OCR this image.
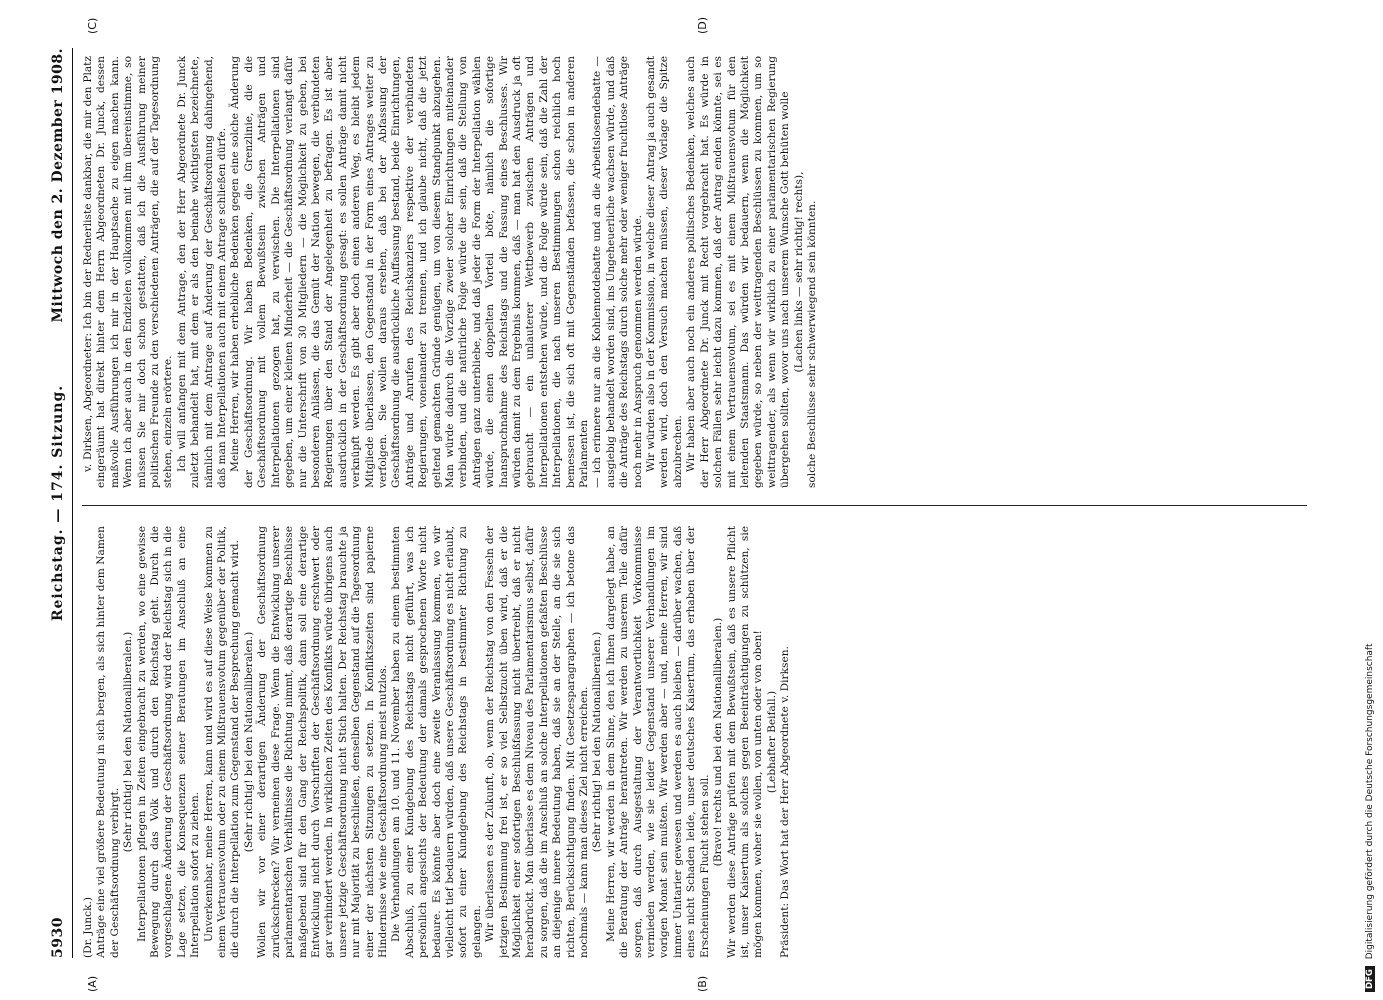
5930
Reichstag. — 174. Sitzung.
Mittwoch den 2. Dezember 1908.
(A)	(B)
(C)	(D)

(Dr. Junck.) Anträge eine viel größere Bedeutung in sich bergen, als sich hinter dem Namen der Geschäftsordnung verbirgt.

(Sehr richtig! bei den Nationalliberalen.) Interpellationen pflegen in Zeiten eingebracht zu werden, wo eine gewisse Bewegung durch das Volk und durch den Reichstag geht. Durch die vorgeschlagene Änderung der Geschäftsordnung wird der Reichstag sich in die Lage setzen, die Konsequenzen seiner Beratungen im Anschluß an eine Interpellation sofort zu ziehen. Unverkennbar, meine Herren, kann und wird es auf diese Weise kommen zu einem Vertrauensvotum oder zu einem Mißtrauensvotum gegenüber der Politik, die durch die Interpellation zum Gegenstand der Besprechung gemacht wird. (Sehr richtig! bei den Nationalliberalen.) Wollen wir vor einer derartigen Änderung der Geschäftsordnung zurückschrecken? Wir verneinen diese Frage. Wenn die Entwicklung unserer parlamentarischen Verhältnisse die Richtung nimmt, daß derartige Beschlüsse maßgebend sind für den Gang der Reichspolitik, dann soll eine derartige Entwicklung nicht durch Vorschriften der Geschäftsordnung erschwert oder gar verhindert werden. In wirklichen Zeiten des Konflikts würde übrigens auch unsere jetzige Geschäftsordnung nicht Stich halten. Der Reichstag brauchte ja nur mit Majorität zu beschließen, denselben Gegenstand auf die Tagesordnung einer der nächsten Sitzungen zu setzen. In Konfliktszeiten sind papierne Hindernisse wie eine Geschäftsordnung meist nutzlos. Die Verhandlungen am 10. und 11. November haben zu einem bestimmten Abschluß, zu einer Kundgebung des Reichstags nicht geführt, was ich persönlich angesichts der Bedeutung der damals gesprochenen Worte nicht bedaure. Es könnte aber doch eine zweite Veranlassung kommen, wo wir vielleicht tief bedauern würden, daß unsere Geschäftsordnung es nicht erlaubt, sofort zu einer Kundgebung des Reichstags in bestimmter Richtung zu gelangen. Wir überlassen es der Zukunft, ob, wenn der Reichstag von den Fesseln der jetzigen Bestimmung frei ist, er so viel Selbstzucht üben wird, daß er die Möglichkeit einer sofortigen Beschlußfassung nicht übertreibt, daß er nicht herabdrückt. Man überlasse es dem Niveau des Parlamentarismus selbst, dafür zu sorgen, daß die im Anschluß an solche Interpellationen gefaßten Beschlüsse an diejenige innere Bedeutung haben, daß sie an der Stelle, an die sie sich richten, Berücksichtigung finden. Mit Gesetzesparagraphen — ich betone das nochmals — kann man dieses Ziel nicht erreichen. (Sehr richtig! bei den Nationalliberalen.) Meine Herren, wir werden in dem Sinne, den ich Ihnen dargelegt habe, an die Beratung der Anträge herantreten. Wir werden zu unserem Teile dafür sorgen, daß durch Ausgestaltung der Verantwortlichkeit Vorkommnisse vermieden werden, wie sie leider Gegenstand unserer Verhandlungen im vorigen Monat sein mußten. Wir werden aber — und, meine Herren, wir sind immer Unitarier gewesen und werden es auch bleiben — darüber wachen, daß eines nicht Schaden leide, unser deutsches Kaisertum, das erhaben über der Erscheinungen Flucht stehen soll. (Bravo! rechts und bei den Nationalliberalen.) Wir werden diese Anträge prüfen mit dem Bewußtsein, daß es unsere Pflicht ist, unser Kaisertum als solches gegen Beeinträchtigungen zu schützen, sie mögen kommen, woher sie wollen, von unten oder von oben! (Lebhafter Beifall.) Präsident: Das Wort hat der Herr Abgeordnete v. Dirksen.

v. Dirksen, Abgeordneter: Ich bin der Rednerliste dankbar, die mir den Platz eingeräumt hat direkt hinter dem Herrn Abgeordneten Dr. Junck, dessen maßvolle Ausführungen ich mir in der Hauptsache zu eigen machen kann. Wenn ich aber auch in den Endzielen vollkommen mit ihm übereinstimme, so müssen Sie mir doch schon gestatten, daß ich die Ausführung meiner politischen Freunde zu den verschiedenen Anträgen, die auf der Tagesordnung stehen, einzeln erörtere. Ich will anfangen mit dem Antrage, den der Herr Abgeordnete Dr. Junck zuletzt behandelt hat, mit dem er als den beinahe wichtigsten bezeichnete, nämlich mit dem Antrage auf Änderung der Geschäftsordnung dahingehend, daß man Interpellationen auch mit einem Antrage schließen dürfe. Meine Herren, wir haben erhebliche Bedenken gegen eine solche Änderung der Geschäftsordnung. Wir haben Bedenken, die Grenzlinie, die die Geschäftsordnung mit vollem Bewußtsein zwischen Anträgen und Interpellationen gezogen hat, zu verwischen. Die Interpellationen sind gegeben, um einer kleinen Minderheit — die Geschäftsordnung verlangt dafür nur die Unterschrift von 30 Mitgliedern — die Möglichkeit zu geben, bei besonderen Anlässen, die das Gemüt der Nation bewegen, die verbündeten Regierungen über den Stand der Angelegenheit zu befragen. Es ist aber ausdrücklich in der Geschäftsordnung gesagt: es sollen Anträge damit nicht verknüpft werden. Es gibt aber doch einen anderen Weg, es bleibt jedem Mitgliede überlassen, den Gegenstand in der Form eines Antrages weiter zu verfolgen. Sie wollen daraus ersehen, daß bei der Abfassung der Geschäftsordnung die ausdrückliche Auffassung bestand, beide Einrichtungen, Anträge und Anrufen des Reichskanzlers respektive der verbündeten Regierungen, voneinander zu trennen, und ich glaube nicht, daß die jetzt geltend gemachten Gründe genügen, um von diesem Standpunkt abzugehen. Man würde dadurch die Vorzüge zweier solcher Einrichtungen miteinander verbinden, und die natürliche Folge würde die sein, daß die Stellung von Anträgen ganz unterbliebe, und daß jeder die Form der Interpellation wählen würde, die einen doppelten Vorteil böte, nämlich die sofortige Inanspruchnahme des Reichstags und die Fassung eines Beschlusses. Wir würden damit zu dem Ergebnis kommen, daß — man hat den Ausdruck ja oft gebraucht — ein unlauterer Wettbewerb zwischen Anträgen und Interpellationen entstehen würde, und die Folge würde sein, daß die Zahl der Interpellationen, die nach unseren Bestimmungen schon reichlich hoch bemessen ist, die sich oft mit Gegenständen befassen, die schon in anderen Parlamenten — ich erinnere nur an die Kohlennotdebatte und an die Arbeitslosendebatte — ausgiebig behandelt worden sind, ins Ungeheuerliche wachsen würde, und daß die Anträge des Reichstags durch solche mehr oder weniger fruchtlose Anträge noch mehr in Anspruch genommen werden würde. Wir würden also in der Kommission, in welche dieser Antrag ja auch gesandt werden wird, doch den Versuch machen müssen, dieser Vorlage die Spitze abzubrechen. Wir haben aber auch noch ein anderes politisches Bedenken, welches auch der Herr Abgeordnete Dr. Junck mit Recht vorgebracht hat. Es würde in solchen Fällen sehr leicht dazu kommen, daß der Antrag enden könnte, sei es mit einem Vertrauensvotum, sei es mit einem Mißtrauensvotum für den leitenden Staatsmann. Das würden wir bedauern, wenn die Möglichkeit gegeben würde, so neben der weittragenden Beschlüssen zu kommen, um so weittragender, als wenn wir wirklich zu einer parlamentarischen Regierung übergehen sollten, wovor uns nach unserem Wunsche Gott behüten wolle (Lachen links — sehr richtig! rechts), solche Beschlüsse sehr schwerwiegend sein könnten.

DFG Digitalisierung gefördert durch die Deutsche Forschungsgemeinschaft
